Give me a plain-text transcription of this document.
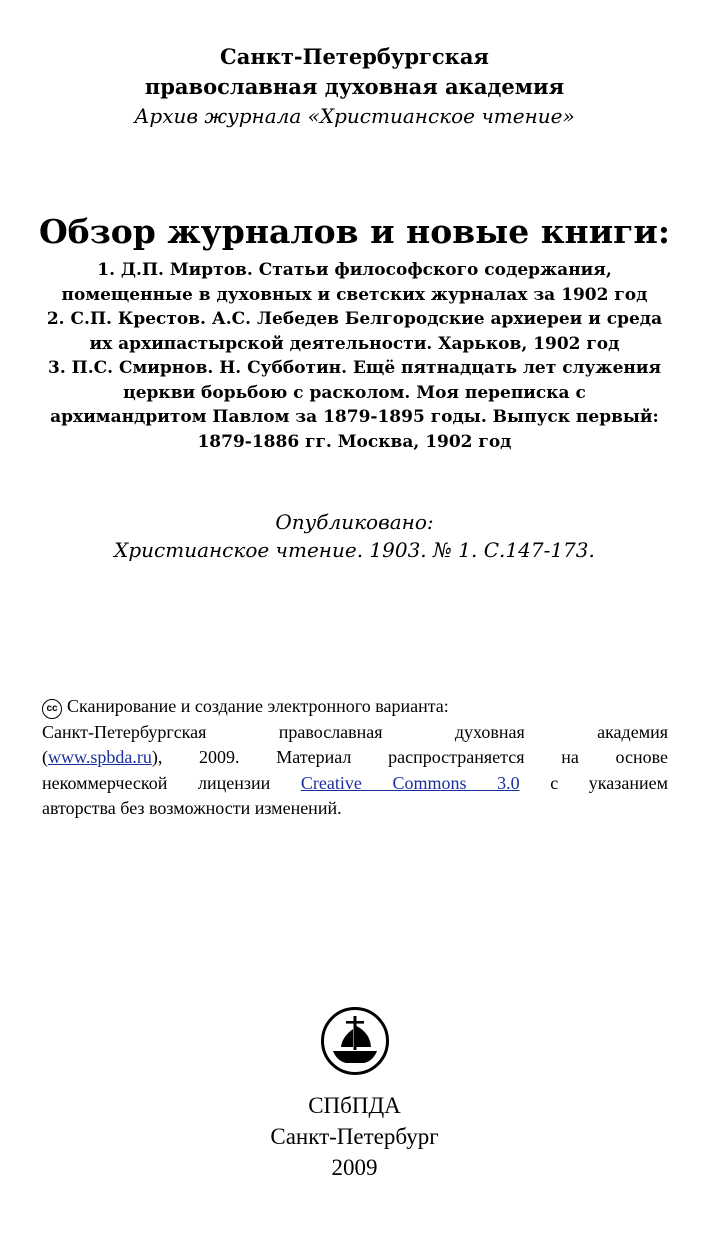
Санкт-Петербургская
православная духовная академия
Архив журнала «Христианское чтение»
Обзор журналов и новые книги:
1. Д.П. Миртов. Статьи философского содержания,
помещенные в духовных и светских журналах за 1902 год
2. С.П. Крестов. А.С. Лебедев Белгородские архиереи и среда
их архипастырской деятельности. Харьков, 1902 год
3. П.С. Смирнов. Н. Субботин. Ещё пятнадцать лет служения
церкви борьбою с расколом. Моя переписка с
архимандритом Павлом за 1879-1895 годы. Выпуск первый:
1879-1886 гг. Москва, 1902 год
Опубликовано:
Христианское чтение. 1903. № 1. С.147-173.
cc Сканирование и создание электронного варианта:
Санкт-Петербургская православная духовная академия
(www.spbda.ru), 2009. Материал распространяется на основе
некоммерческой лицензии Creative Commons 3.0 с указанием
авторства без возможности изменений.
СПбПДА
Санкт-Петербург
2009
